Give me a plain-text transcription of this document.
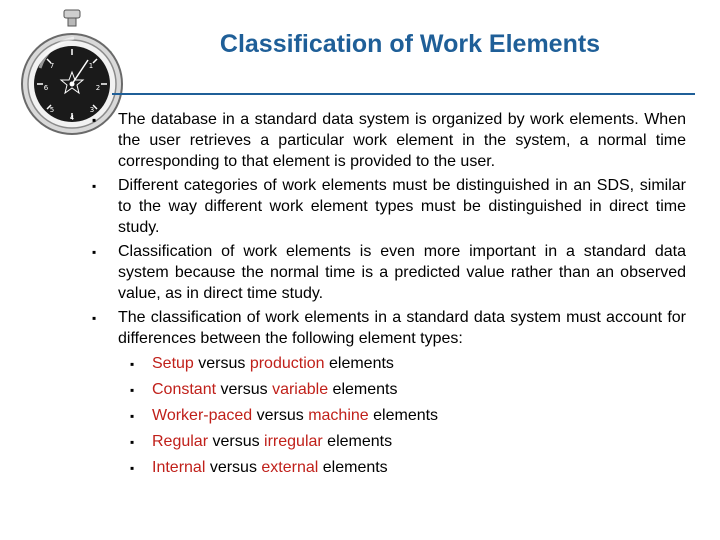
1
2
3
4
5
6
7
Classification of Work Elements
▪
The database in a standard data system is organized by work elements. When the user retrieves a particular work element in the system, a normal time corresponding to that element is provided to the user.
▪
Different categories of work elements must be distinguished in an SDS, similar to the way different work element types must be distinguished in direct time study.
▪
Classification of work elements is even more important in a standard data system because the normal time is a predicted value rather than an observed value, as in direct time study.
▪
The classification of work elements in a standard data system must account for differences between the following element types:
▪
Setup versus production elements
▪
Constant versus variable elements
▪
Worker-paced versus machine elements
▪
Regular versus irregular elements
▪
Internal versus external elements
